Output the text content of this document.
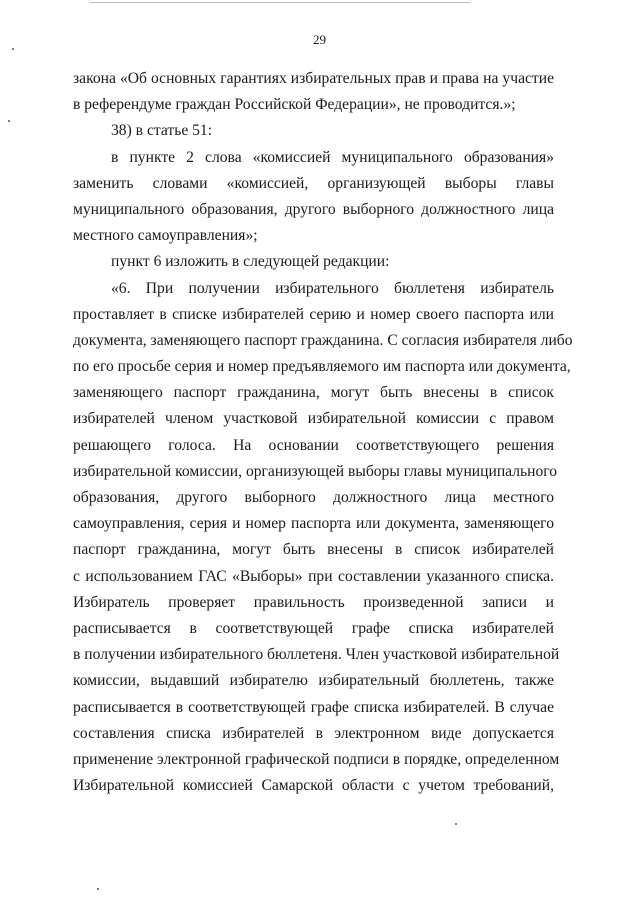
29
закона «Об основных гарантиях избирательных прав и права на участие
в референдуме граждан Российской Федерации», не проводится.»;
38) в статье 51:
в пункте 2 слова «комиссией муниципального образования»
заменить словами «комиссией, организующей выборы главы
муниципального образования, другого выборного должностного лица
местного самоуправления»;
пункт 6 изложить в следующей редакции:
«6. При получении избирательного бюллетеня избиратель
проставляет в списке избирателей серию и номер своего паспорта или
документа, заменяющего паспорт гражданина. С согласия избирателя либо
по его просьбе серия и номер предъявляемого им паспорта или документа,
заменяющего паспорт гражданина, могут быть внесены в список
избирателей членом участковой избирательной комиссии с правом
решающего голоса. На основании соответствующего решения
избирательной комиссии, организующей выборы главы муниципального
образования, другого выборного должностного лица местного
самоуправления, серия и номер паспорта или документа, заменяющего
паспорт гражданина, могут быть внесены в список избирателей
с использованием ГАС «Выборы» при составлении указанного списка.
Избиратель проверяет правильность произведенной записи и
расписывается в соответствующей графе списка избирателей
в получении избирательного бюллетеня. Член участковой избирательной
комиссии, выдавший избирателю избирательный бюллетень, также
расписывается в соответствующей графе списка избирателей. В случае
составления списка избирателей в электронном виде допускается
применение электронной графической подписи в порядке, определенном
Избирательной комиссией Самарской области с учетом требований,
